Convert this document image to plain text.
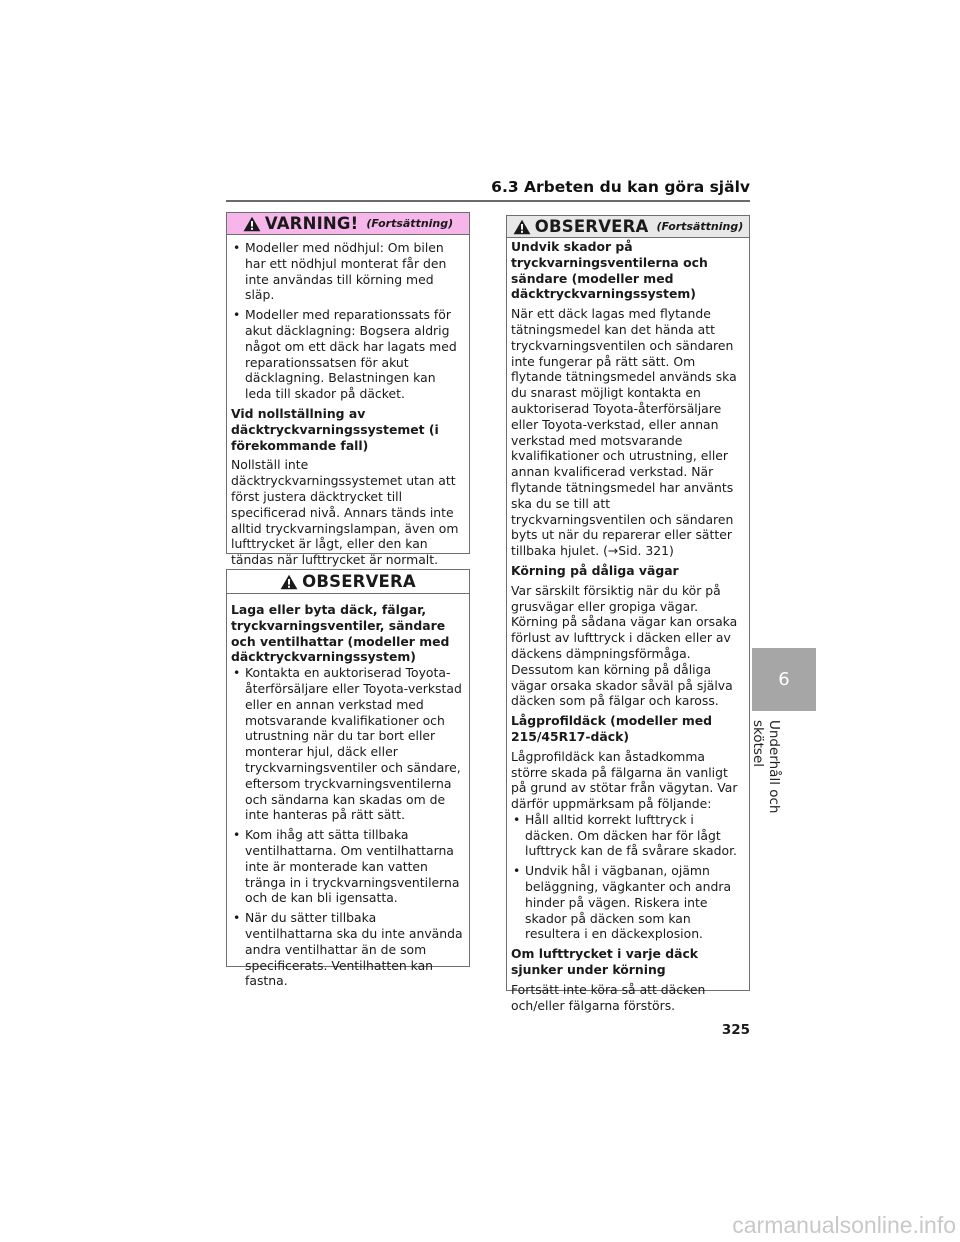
6.3 Arbeten du kan göra själv
VARNING! (Fortsättning)
• Modeller med nödhjul: Om bilen har ett nödhjul monterat får den inte användas till körning med släp.
• Modeller med reparationssats för akut däcklagning: Bogsera aldrig något om ett däck har lagats med reparationssatsen för akut däcklagning. Belastningen kan leda till skador på däcket.
Vid nollställning av däcktryckvarningssystemet (i förekommande fall)
Nollställ inte däcktryckvarningssystemet utan att först justera däcktrycket till specificerad nivå. Annars tänds inte alltid tryckvarningslampan, även om lufttrycket är lågt, eller den kan tändas när lufttrycket är normalt.
OBSERVERA
Laga eller byta däck, fälgar, tryckvarningsventiler, sändare och ventilhattar (modeller med däcktryckvarningssystem)
• Kontakta en auktoriserad Toyota-återförsäljare eller Toyota-verkstad eller en annan verkstad med motsvarande kvalifikationer och utrustning när du tar bort eller monterar hjul, däck eller tryckvarningsventiler och sändare, eftersom tryckvarningsventilerna och sändarna kan skadas om de inte hanteras på rätt sätt.
• Kom ihåg att sätta tillbaka ventilhattarna. Om ventilhattarna inte är monterade kan vatten tränga in i tryckvarningsventilerna och de kan bli igensatta.
• När du sätter tillbaka ventilhattarna ska du inte använda andra ventilhattar än de som specificerats. Ventilhatten kan fastna.
OBSERVERA (Fortsättning)
Undvik skador på tryckvarningsventilerna och sändare (modeller med däcktryckvarningssystem)
När ett däck lagas med flytande tätningsmedel kan det hända att tryckvarningsventilen och sändaren inte fungerar på rätt sätt. Om flytande tätningsmedel används ska du snarast möjligt kontakta en auktoriserad Toyota-återförsäljare eller Toyota-verkstad, eller annan verkstad med motsvarande kvalifikationer och utrustning, eller annan kvalificerad verkstad. När flytande tätningsmedel har använts ska du se till att tryckvarningsventilen och sändaren byts ut när du reparerar eller sätter tillbaka hjulet. (→Sid. 321)
Körning på dåliga vägar
Var särskilt försiktig när du kör på grusvägar eller gropiga vägar. Körning på sådana vägar kan orsaka förlust av lufttryck i däcken eller av däckens dämpningsförmåga. Dessutom kan körning på dåliga vägar orsaka skador såväl på själva däcken som på fälgar och kaross.
Lågprofildäck (modeller med 215/45R17-däck)
Lågprofildäck kan åstadkomma större skada på fälgarna än vanligt på grund av stötar från vägytan. Var därför uppmärksam på följande:
• Håll alltid korrekt lufttryck i däcken. Om däcken har för lågt lufttryck kan de få svårare skador.
• Undvik hål i vägbanan, ojämn beläggning, vägkanter och andra hinder på vägen. Riskera inte skador på däcken som kan resultera i en däckexplosion.
Om lufttrycket i varje däck sjunker under körning
Fortsätt inte köra så att däcken och/eller fälgarna förstörs.
6
Underhåll och skötsel
325
carmanualsonline.info
